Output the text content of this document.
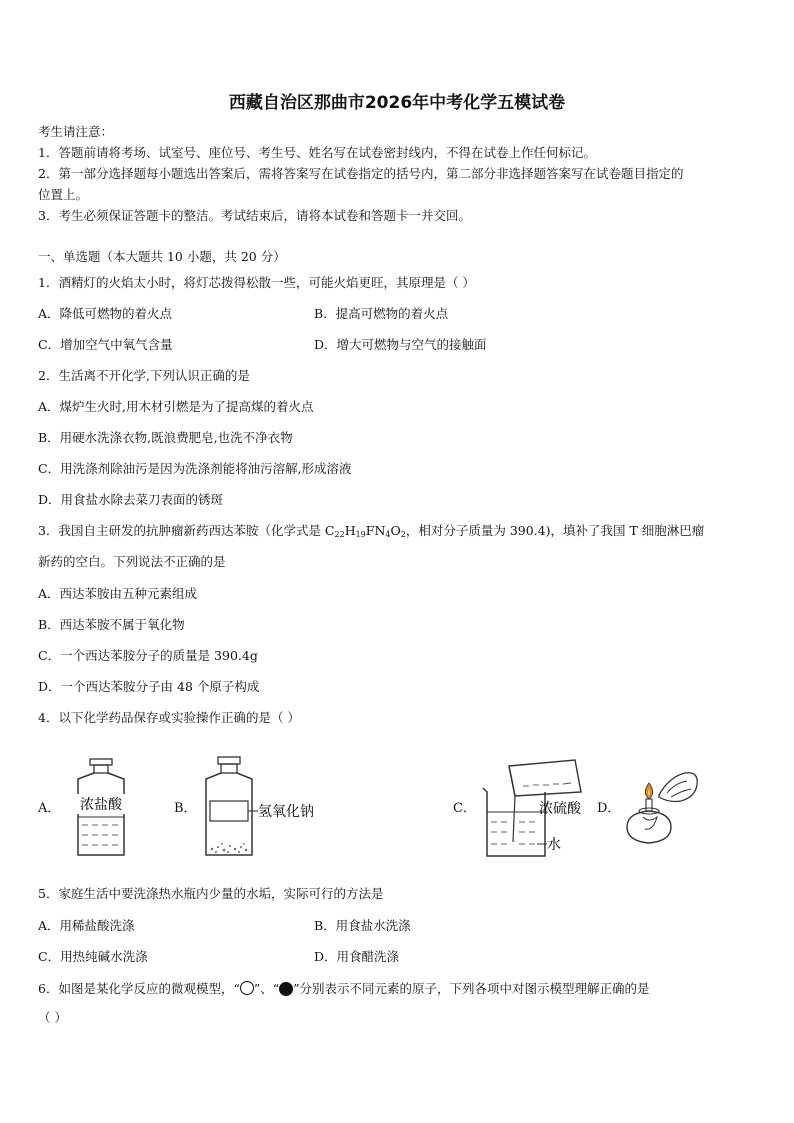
西藏自治区那曲市2026年中考化学五模试卷
考生请注意：
1．答题前请将考场、试室号、座位号、考生号、姓名写在试卷密封线内，不得在试卷上作任何标记。
2．第一部分选择题每小题选出答案后，需将答案写在试卷指定的括号内，第二部分非选择题答案写在试卷题目指定的
位置上。
3．考生必须保证答题卡的整洁。考试结束后，请将本试卷和答题卡一并交回。
一、单选题（本大题共 10 小题，共 20 分）
1．酒精灯的火焰太小时，将灯芯拨得松散一些，可能火焰更旺，其原理是（ ）
A．降低可燃物的着火点	B．提高可燃物的着火点
C．增加空气中氧气含量	D．增大可燃物与空气的接触面
2．生活离不开化学,下列认识正确的是
A．煤炉生火时,用木材引燃是为了提高煤的着火点
B．用硬水洗涤衣物,既浪费肥皂,也洗不净衣物
C．用洗涤剂除油污是因为洗涤剂能将油污溶解,形成溶液
D．用食盐水除去菜刀表面的锈斑
3．我国自主研发的抗肿瘤新药西达苯胺（化学式是 $C_{22}H_{19}FN_4O_2$，相对分子质量为 390.4)，填补了我国 T 细胞淋巴瘤
新药的空白。下列说法不正确的是
A．西达苯胺由五种元素组成
B．西达苯胺不属于氧化物
C．一个西达苯胺分子的质量是 390.4g
D．一个西达苯胺分子由 48 个原子构成
4．以下化学药品保存或实验操作正确的是（ ）
A． 浓盐酸	B．	氢氧化钠	C．	浓硫酸
水
D．
5．家庭生活中要洗涤热水瓶内少量的水垢，实际可行的方法是
A．用稀盐酸洗涤	B．用食盐水洗涤
C．用热纯碱水洗涤	D．用食醋洗涤
6．如图是某化学反应的微观模型，“ ”、“ ”分别表示不同元素的原子，下列各项中对图示模型理解正确的是
（ ）
